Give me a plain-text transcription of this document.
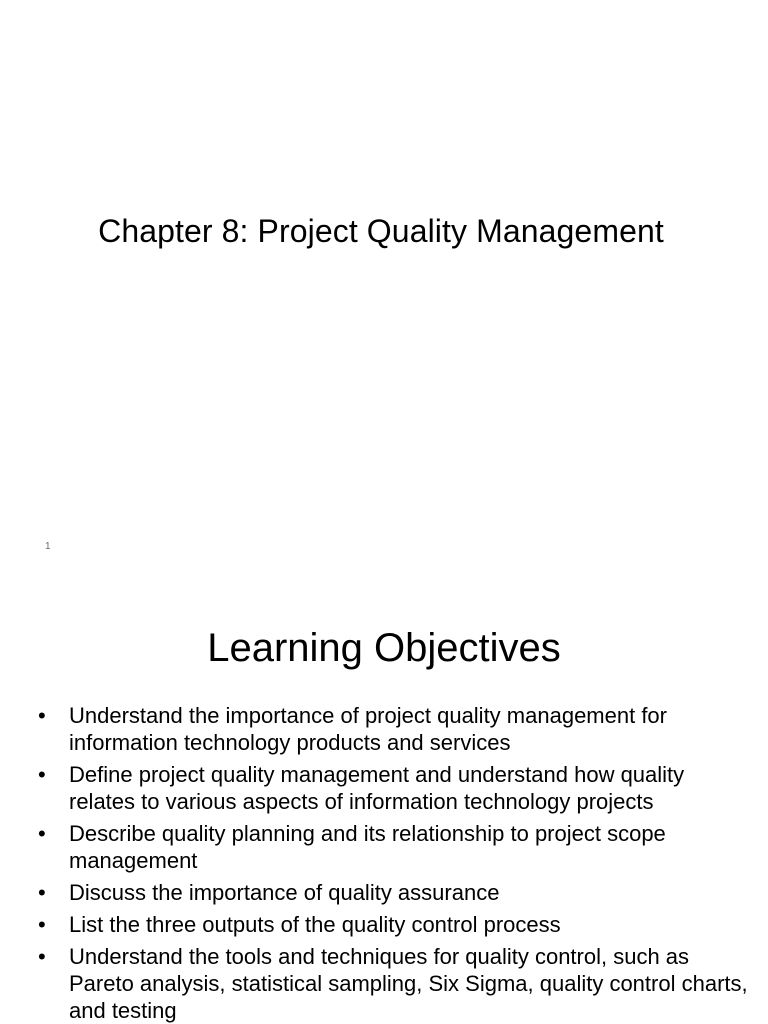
Chapter 8: Project Quality Management
1
Learning Objectives
• Understand the importance of project quality management for information technology products and services
• Define project quality management and understand how quality relates to various aspects of information technology projects
• Describe quality planning and its relationship to project scope management
• Discuss the importance of quality assurance
• List the three outputs of the quality control process
• Understand the tools and techniques for quality control, such as Pareto analysis, statistical sampling, Six Sigma, quality control charts, and testing
